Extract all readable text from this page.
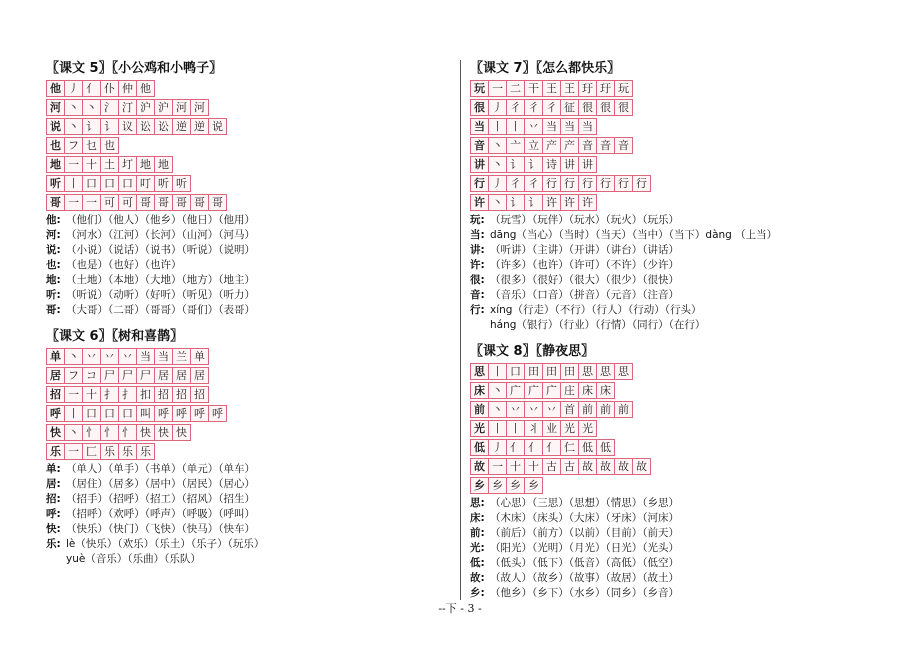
〖课文 5〗〖小公鸡和小鸭子〗
他 丿 亻 仆 仲 他
河 丶 丶 氵 汀 沪 沪 河 河
说 丶 讠 讠 议 讼 讼 逆 逆 说
也 フ 乜 也
地 一 十 土 圢 地 地
听 丨 口 口 口 叮 听 听
哥 一 一 可 可 哥 哥 哥 哥 哥
他: （他们）（他人）（他乡）（他日）（他用）
河: （河水）（江河）（长河）（山河）（河马）
说: （小说）（说话）（说书）（听说）（说明）
也: （也是）（也好）（也许）
地: （土地）（本地）（大地）（地方）（地主）
听: （听说）（动听）（好听）（听见）（听力）
哥: （大哥）（二哥）（哥哥）（哥们）（表哥）
〖课文 6〗〖树和喜鹊〗
单 丶 丷 丷 丷 当 当 兰 单
居 フ コ 尸 尸 尸 居 居 居
招 一 十 扌 扌 扣 招 招 招
呼 丨 口 口 口 叫 呼 呼 呼 呼
快 丶 忄 忄 忄 快 快 快
乐 一 匚 乐 乐 乐
单: （单人）（单手）（书单）（单元）（单车）
居: （居住）（居多）（居中）（居民）（居心）
招: （招手）（招呼）（招工）（招风）（招生）
呼: （招呼）（欢呼）（呼声）（呼吸）（呼叫）
快: （快乐）（快门）（飞快）（快马）（快车）
乐: lè（快乐）（欢乐）（乐土）（乐子）（玩乐）
yuè（音乐）（乐曲）（乐队）
〖课文 7〗〖怎么都快乐〗
玩 一 二 干 王 王 玗 玗 玩
很 丿 彳 彳 彳 征 很 很 很
当 丨 丨 丷 当 当 当
音 丶 亠 立 产 产 音 音 音
讲 丶 讠 讠 诗 讲 讲
行 丿 彳 彳 行 行 行 行 行 行
许 丶 讠 讠 许 许 许
玩: （玩雪）（玩伴）（玩水）（玩火）（玩乐）
当: dāng（当心）（当时）（当天）（当中）（当下）dàng （上当）
讲: （听讲）（主讲）（开讲）（讲台）（讲话）
许: （许多）（也许）（许可）（不许）（少许）
很: （很多）（很好）（很大）（很少）（很快）
音: （音乐）（口音）（拼音）（元音）（注音）
行: xíng（行走）（不行）（行人）（行动）（行头）
háng（银行）（行业）（行情）（同行）（在行）
〖课文 8〗〖静夜思〗
思 丨 口 田 田 田 思 思 思
床 丶 广 广 广 庄 床 床
前 丶 丷 丷 丷 首 前 前 前
光 丨 丨 丬 业 光 光
低 丿 亻 亻 亻 仁 低 低
故 一 十 十 古 古 故 故 故 故
乡 乡 乡 乡
思: （心思）（三思）（思想）（情思）（乡思）
床: （木床）（床头）（大床）（牙床）（河床）
前: （前后）（前方）（以前）（目前）（前天）
光: （阳光）（光明）（月光）（日光）（光头）
低: （低头）（低下）（低音）（高低）（低空）
故: （故人）（故乡）（故事）（故居）（故土）
乡: （他乡）（乡下）（水乡）（同乡）（乡音）
--下 - 3 -
